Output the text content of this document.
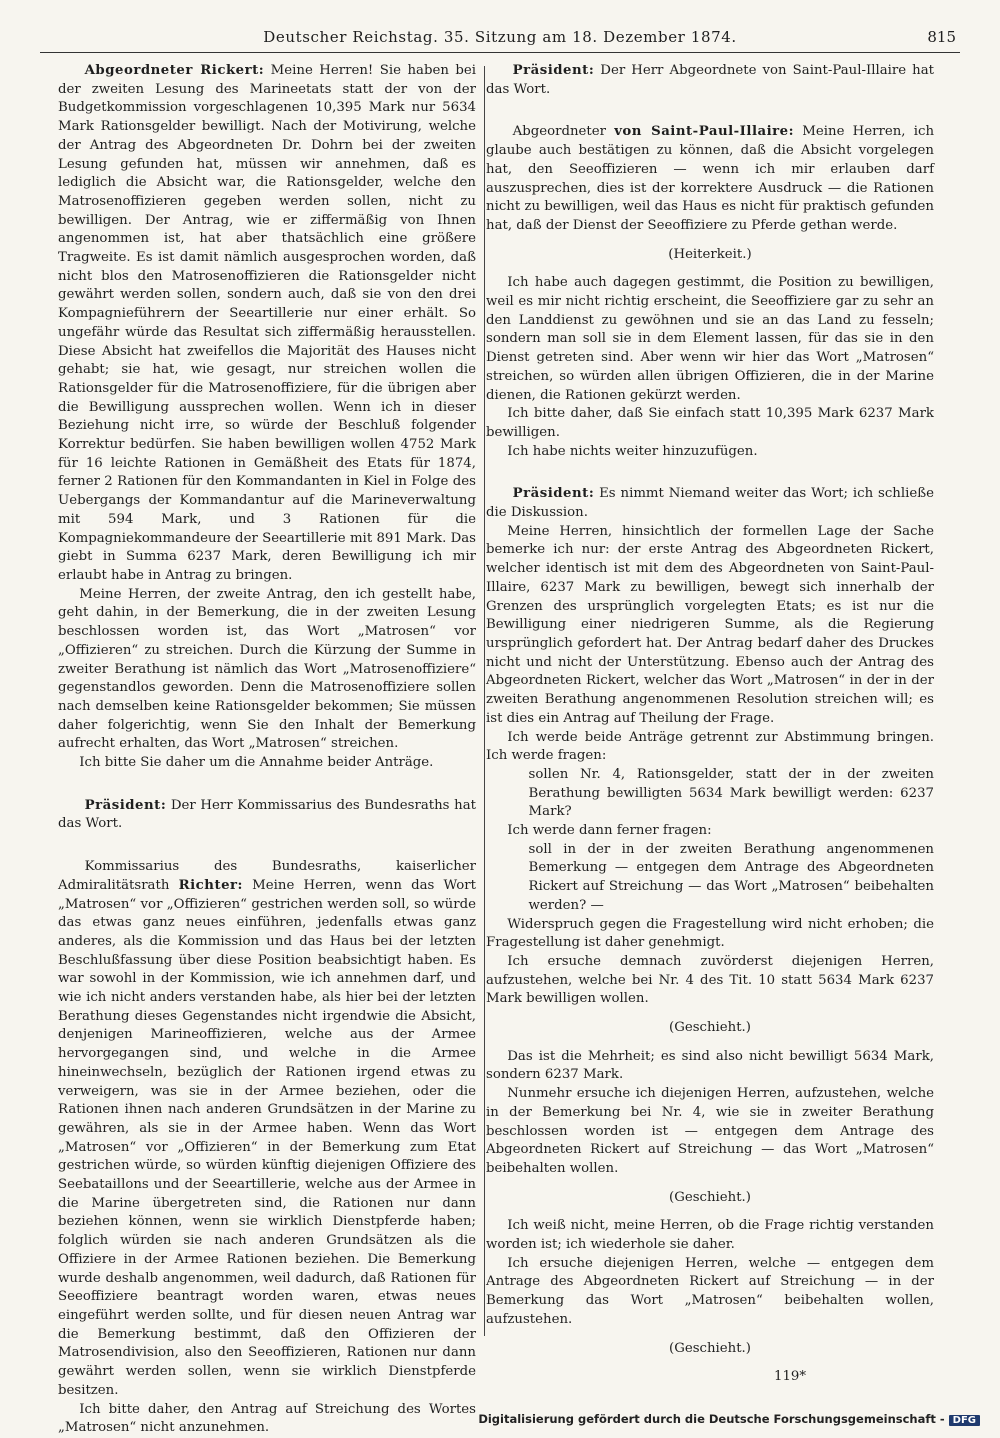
Deutscher Reichstag. 35. Sitzung am 18. Dezember 1874.	815

Abgeordneter Rickert: Meine Herren! Sie haben bei der zweiten Lesung des Marineetats statt der von der Budgetkommission vorgeschlagenen 10,395 Mark nur 5634 Mark Rationsgelder bewilligt. Nach der Motivirung, welche der Antrag des Abgeordneten Dr. Dohrn bei der zweiten Lesung gefunden hat, müssen wir annehmen, daß es lediglich die Absicht war, die Rationsgelder, welche den Matrosenoffizieren gegeben werden sollen, nicht zu bewilligen. Der Antrag, wie er ziffermäßig von Ihnen angenommen ist, hat aber thatsächlich eine größere Tragweite. Es ist damit nämlich ausgesprochen worden, daß nicht blos den Matrosenoffizieren die Rationsgelder nicht gewährt werden sollen, sondern auch, daß sie von den drei Kompagnieführern der Seeartillerie nur einer erhält. So ungefähr würde das Resultat sich ziffermäßig herausstellen. Diese Absicht hat zweifellos die Majorität des Hauses nicht gehabt; sie hat, wie gesagt, nur streichen wollen die Rationsgelder für die Matrosenoffiziere, für die übrigen aber die Bewilligung aussprechen wollen. Wenn ich in dieser Beziehung nicht irre, so würde der Beschluß folgender Korrektur bedürfen. Sie haben bewilligen wollen 4752 Mark für 16 leichte Rationen in Gemäßheit des Etats für 1874, ferner 2 Rationen für den Kommandanten in Kiel in Folge des Uebergangs der Kommandantur auf die Marineverwaltung mit 594 Mark, und 3 Rationen für die Kompagniekommandeure der Seeartillerie mit 891 Mark. Das giebt in Summa 6237 Mark, deren Bewilligung ich mir erlaubt habe in Antrag zu bringen.

Meine Herren, der zweite Antrag, den ich gestellt habe, geht dahin, in der Bemerkung, die in der zweiten Lesung beschlossen worden ist, das Wort „Matrosen“ vor „Offizieren“ zu streichen. Durch die Kürzung der Summe in zweiter Berathung ist nämlich das Wort „Matrosenoffiziere“ gegenstandlos geworden. Denn die Matrosenoffiziere sollen nach demselben keine Rationsgelder bekommen; Sie müssen daher folgerichtig, wenn Sie den Inhalt der Bemerkung aufrecht erhalten, das Wort „Matrosen“ streichen.

Ich bitte Sie daher um die Annahme beider Anträge.

Präsident: Der Herr Kommissarius des Bundesraths hat das Wort.

Kommissarius des Bundesraths, kaiserlicher Admiralitätsrath Richter: Meine Herren, wenn das Wort „Matrosen“ vor „Offizieren“ gestrichen werden soll, so würde das etwas ganz neues einführen, jedenfalls etwas ganz anderes, als die Kommission und das Haus bei der letzten Beschlußfassung über diese Position beabsichtigt haben. Es war sowohl in der Kommission, wie ich annehmen darf, und wie ich nicht anders verstanden habe, als hier bei der letzten Berathung dieses Gegenstandes nicht irgendwie die Absicht, denjenigen Marineoffizieren, welche aus der Armee hervorgegangen sind, und welche in die Armee hineinwechseln, bezüglich der Rationen irgend etwas zu verweigern, was sie in der Armee beziehen, oder die Rationen ihnen nach anderen Grundsätzen in der Marine zu gewähren, als sie in der Armee haben. Wenn das Wort „Matrosen“ vor „Offizieren“ in der Bemerkung zum Etat gestrichen würde, so würden künftig diejenigen Offiziere des Seebataillons und der Seeartillerie, welche aus der Armee in die Marine übergetreten sind, die Rationen nur dann beziehen können, wenn sie wirklich Dienstpferde haben; folglich würden sie nach anderen Grundsätzen als die Offiziere in der Armee Rationen beziehen. Die Bemerkung wurde deshalb angenommen, weil dadurch, daß Rationen für Seeoffiziere beantragt worden waren, etwas neues eingeführt werden sollte, und für diesen neuen Antrag war die Bemerkung bestimmt, daß den Offizieren der Matrosendivision, also den Seeoffizieren, Rationen nur dann gewährt werden sollen, wenn sie wirklich Dienstpferde besitzen.

Ich bitte daher, den Antrag auf Streichung des Wortes „Matrosen“ nicht anzunehmen.

Präsident: Der Herr Abgeordnete von Saint-Paul-Illaire hat das Wort.

Abgeordneter von Saint-Paul-Illaire: Meine Herren, ich glaube auch bestätigen zu können, daß die Absicht vorgelegen hat, den Seeoffizieren — wenn ich mir erlauben darf auszusprechen, dies ist der korrektere Ausdruck — die Rationen nicht zu bewilligen, weil das Haus es nicht für praktisch gefunden hat, daß der Dienst der Seeoffiziere zu Pferde gethan werde.

(Heiterkeit.)

Ich habe auch dagegen gestimmt, die Position zu bewilligen, weil es mir nicht richtig erscheint, die Seeoffiziere gar zu sehr an den Landdienst zu gewöhnen und sie an das Land zu fesseln; sondern man soll sie in dem Element lassen, für das sie in den Dienst getreten sind. Aber wenn wir hier das Wort „Matrosen“ streichen, so würden allen übrigen Offizieren, die in der Marine dienen, die Rationen gekürzt werden.

Ich bitte daher, daß Sie einfach statt 10,395 Mark 6237 Mark bewilligen.

Ich habe nichts weiter hinzuzufügen.

Präsident: Es nimmt Niemand weiter das Wort; ich schließe die Diskussion.

Meine Herren, hinsichtlich der formellen Lage der Sache bemerke ich nur: der erste Antrag des Abgeordneten Rickert, welcher identisch ist mit dem des Abgeordneten von Saint-Paul-Illaire, 6237 Mark zu bewilligen, bewegt sich innerhalb der Grenzen des ursprünglich vorgelegten Etats; es ist nur die Bewilligung einer niedrigeren Summe, als die Regierung ursprünglich gefordert hat. Der Antrag bedarf daher des Druckes nicht und nicht der Unterstützung. Ebenso auch der Antrag des Abgeordneten Rickert, welcher das Wort „Matrosen“ in der in der zweiten Berathung angenommenen Resolution streichen will; es ist dies ein Antrag auf Theilung der Frage.

Ich werde beide Anträge getrennt zur Abstimmung bringen. Ich werde fragen:

sollen Nr. 4, Rationsgelder, statt der in der zweiten Berathung bewilligten 5634 Mark bewilligt werden: 6237 Mark?

Ich werde dann ferner fragen:

soll in der in der zweiten Berathung angenommenen Bemerkung — entgegen dem Antrage des Abgeordneten Rickert auf Streichung — das Wort „Matrosen“ beibehalten werden? —

Widerspruch gegen die Fragestellung wird nicht erhoben; die Fragestellung ist daher genehmigt.

Ich ersuche demnach zuvörderst diejenigen Herren, aufzustehen, welche bei Nr. 4 des Tit. 10 statt 5634 Mark 6237 Mark bewilligen wollen.

(Geschieht.)

Das ist die Mehrheit; es sind also nicht bewilligt 5634 Mark, sondern 6237 Mark.

Nunmehr ersuche ich diejenigen Herren, aufzustehen, welche in der Bemerkung bei Nr. 4, wie sie in zweiter Berathung beschlossen worden ist — entgegen dem Antrage des Abgeordneten Rickert auf Streichung — das Wort „Matrosen“ beibehalten wollen.

(Geschieht.)

Ich weiß nicht, meine Herren, ob die Frage richtig verstanden worden ist; ich wiederhole sie daher.

Ich ersuche diejenigen Herren, welche — entgegen dem Antrage des Abgeordneten Rickert auf Streichung — in der Bemerkung das Wort „Matrosen“ beibehalten wollen, aufzustehen.

(Geschieht.)

119*

Digitalisierung gefördert durch die Deutsche Forschungsgemeinschaft - DFG
